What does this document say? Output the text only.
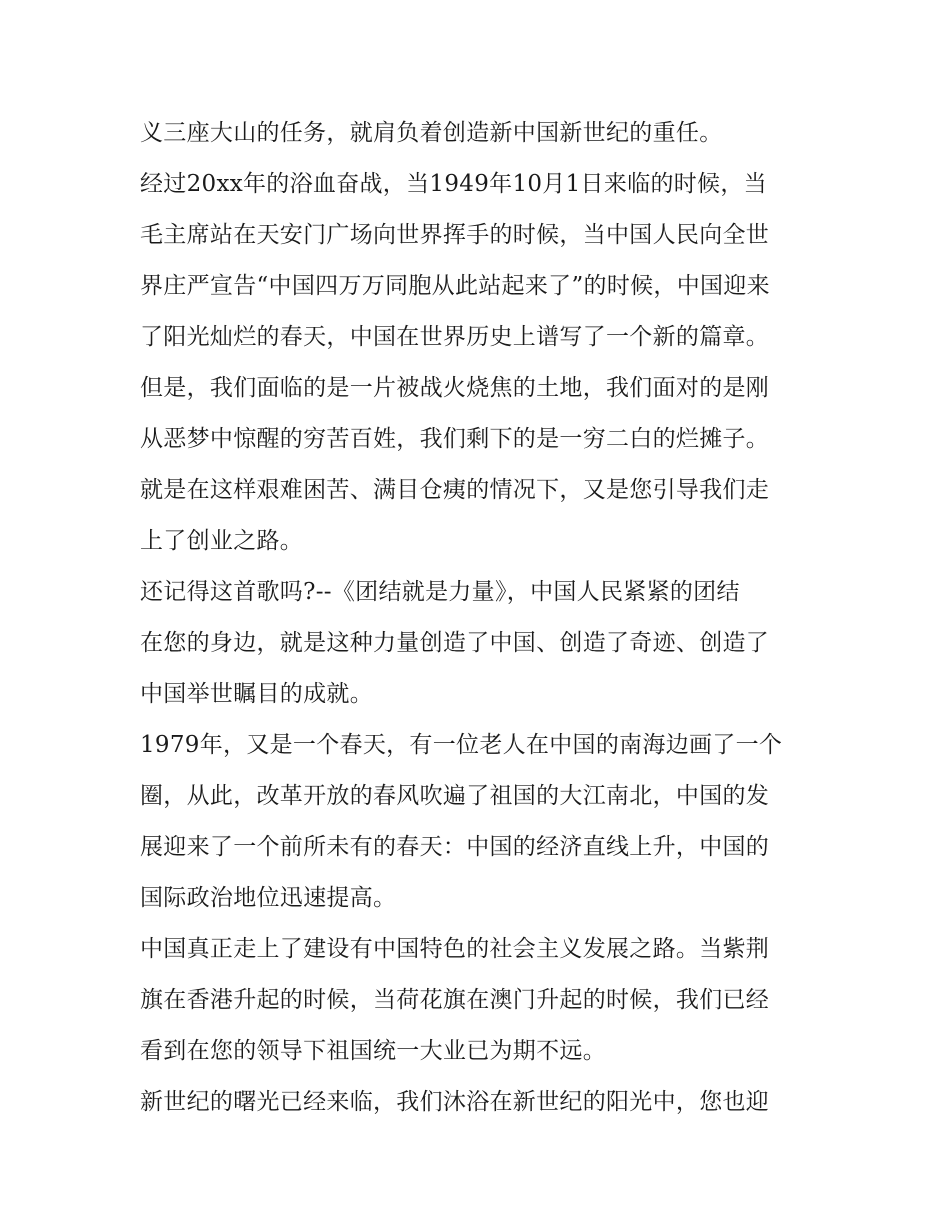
义三座大山的任务，就肩负着创造新中国新世纪的重任。
经过20xx年的浴血奋战，当1949年10月1日来临的时候，当
毛主席站在天安门广场向世界挥手的时候，当中国人民向全世
界庄严宣告“中国四万万同胞从此站起来了”的时候，中国迎来
了阳光灿烂的春天，中国在世界历史上谱写了一个新的篇章。
但是，我们面临的是一片被战火烧焦的土地，我们面对的是刚
从恶梦中惊醒的穷苦百姓，我们剩下的是一穷二白的烂摊子。
就是在这样艰难困苦、满目仓痍的情况下，又是您引导我们走
上了创业之路。
还记得这首歌吗?--《团结就是力量》，中国人民紧紧的团结
在您的身边，就是这种力量创造了中国、创造了奇迹、创造了
中国举世瞩目的成就。
1979年，又是一个春天，有一位老人在中国的南海边画了一个
圈，从此，改革开放的春风吹遍了祖国的大江南北，中国的发
展迎来了一个前所未有的春天：中国的经济直线上升，中国的
国际政治地位迅速提高。
中国真正走上了建设有中国特色的社会主义发展之路。当紫荆
旗在香港升起的时候，当荷花旗在澳门升起的时候，我们已经
看到在您的领导下祖国统一大业已为期不远。
新世纪的曙光已经来临，我们沐浴在新世纪的阳光中，您也迎
